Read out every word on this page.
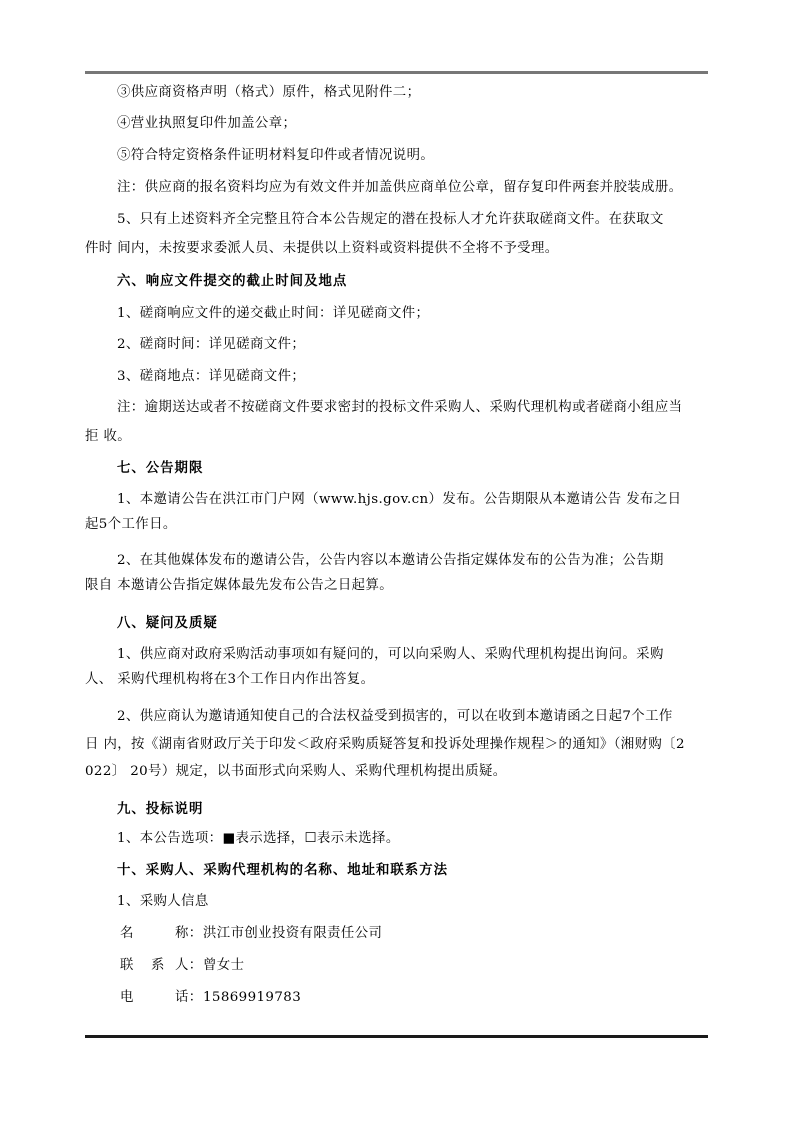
③供应商资格声明（格式）原件，格式见附件二；
④营业执照复印件加盖公章；
⑤符合特定资格条件证明材料复印件或者情况说明。
注：供应商的报名资料均应为有效文件并加盖供应商单位公章，留存复印件两套并胶装成册。
5、只有上述资料齐全完整且符合本公告规定的潜在投标人才允许获取磋商文件。在获取文
件时 间内，未按要求委派人员、未提供以上资料或资料提供不全将不予受理。
六、响应文件提交的截止时间及地点
1、磋商响应文件的递交截止时间：详见磋商文件；
2、磋商时间：详见磋商文件；
3、磋商地点：详见磋商文件；
注：逾期送达或者不按磋商文件要求密封的投标文件采购人、采购代理机构或者磋商小组应当
拒 收。
七、公告期限
1、本邀请公告在洪江市门户网（www.hjs.gov.cn）发布。公告期限从本邀请公告 发布之日
起5个工作日。
2、在其他媒体发布的邀请公告，公告内容以本邀请公告指定媒体发布的公告为准；公告期
限自 本邀请公告指定媒体最先发布公告之日起算。
八、疑问及质疑
1、供应商对政府采购活动事项如有疑问的，可以向采购人、采购代理机构提出询问。采购
人、 采购代理机构将在3个工作日内作出答复。
2、供应商认为邀请通知使自己的合法权益受到损害的，可以在收到本邀请函之日起7个工作
日 内，按《湖南省财政厅关于印发＜政府采购质疑答复和投诉处理操作规程＞的通知》（湘财购〔2
022〕 20号）规定，以书面形式向采购人、采购代理机构提出质疑。
九、投标说明
1、本公告选项：■表示选择，☐表示未选择。
十、采购人、采购代理机构的名称、地址和联系方法
1、采购人信息
名	称： 洪江市创业投资有限责任公司
联 系 人： 曾女士
电	话： 15869919783
